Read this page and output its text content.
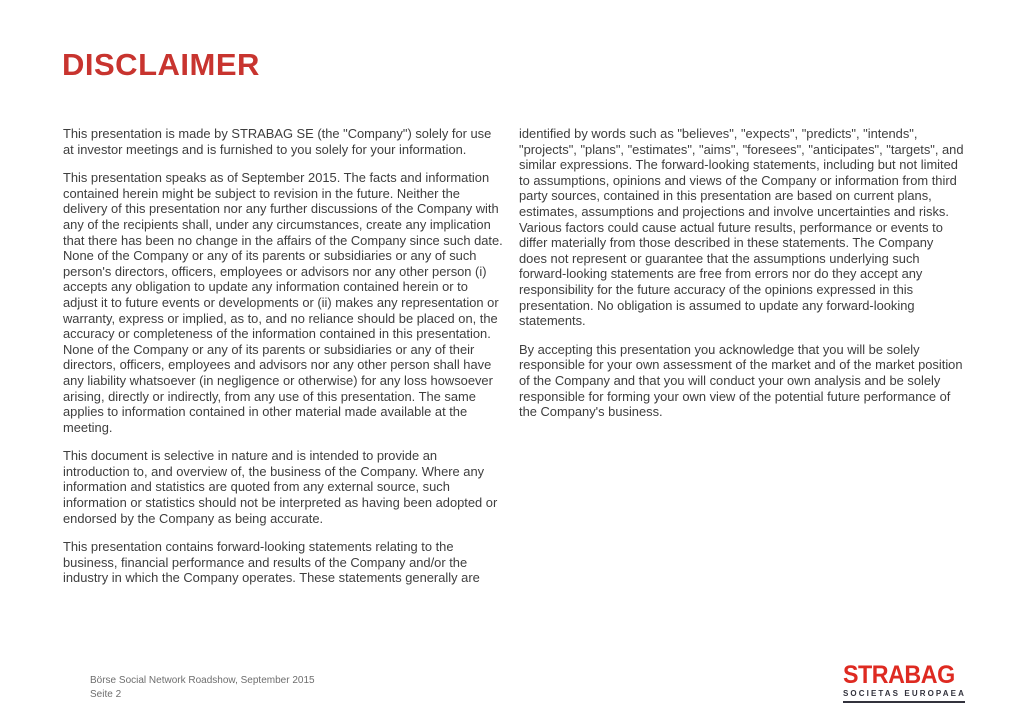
DISCLAIMER

This presentation is made by STRABAG SE (the "Company") solely for use at investor meetings and is furnished to you solely for your information.

This presentation speaks as of September 2015. The facts and information contained herein might be subject to revision in the future. Neither the delivery of this presentation nor any further discussions of the Company with any of the recipients shall, under any circumstances, create any implication that there has been no change in the affairs of the Company since such date. None of the Company or any of its parents or subsidiaries or any of such person's directors, officers, employees or advisors nor any other person (i) accepts any obligation to update any information contained herein or to adjust it to future events or developments or (ii) makes any representation or warranty, express or implied, as to, and no reliance should be placed on, the accuracy or completeness of the information contained in this presentation. None of the Company or any of its parents or subsidiaries or any of their directors, officers, employees and advisors nor any other person shall have any liability whatsoever (in negligence or otherwise) for any loss howsoever arising, directly or indirectly, from any use of this presentation. The same applies to information contained in other material made available at the meeting.

This document is selective in nature and is intended to provide an introduction to, and overview of, the business of the Company. Where any information and statistics are quoted from any external source, such information or statistics should not be interpreted as having been adopted or endorsed by the Company as being accurate.

This presentation contains forward-looking statements relating to the business, financial performance and results of the Company and/or the industry in which the Company operates. These statements generally are

identified by words such as "believes", "expects", "predicts", "intends", "projects", "plans", "estimates", "aims", "foresees", "anticipates", "targets", and similar expressions. The forward-looking statements, including but not limited to assumptions, opinions and views of the Company or information from third party sources, contained in this presentation are based on current plans, estimates, assumptions and projections and involve uncertainties and risks. Various factors could cause actual future results, performance or events to differ materially from those described in these statements. The Company does not represent or guarantee that the assumptions underlying such forward-looking statements are free from errors nor do they accept any responsibility for the future accuracy of the opinions expressed in this presentation. No obligation is assumed to update any forward-looking statements.

By accepting this presentation you acknowledge that you will be solely responsible for your own assessment of the market and of the market position of the Company and that you will conduct your own analysis and be solely responsible for forming your own view of the potential future performance of the Company's business.

Börse Social Network Roadshow, September 2015
Seite 2
STRABAG
SOCIETAS EUROPAEA
